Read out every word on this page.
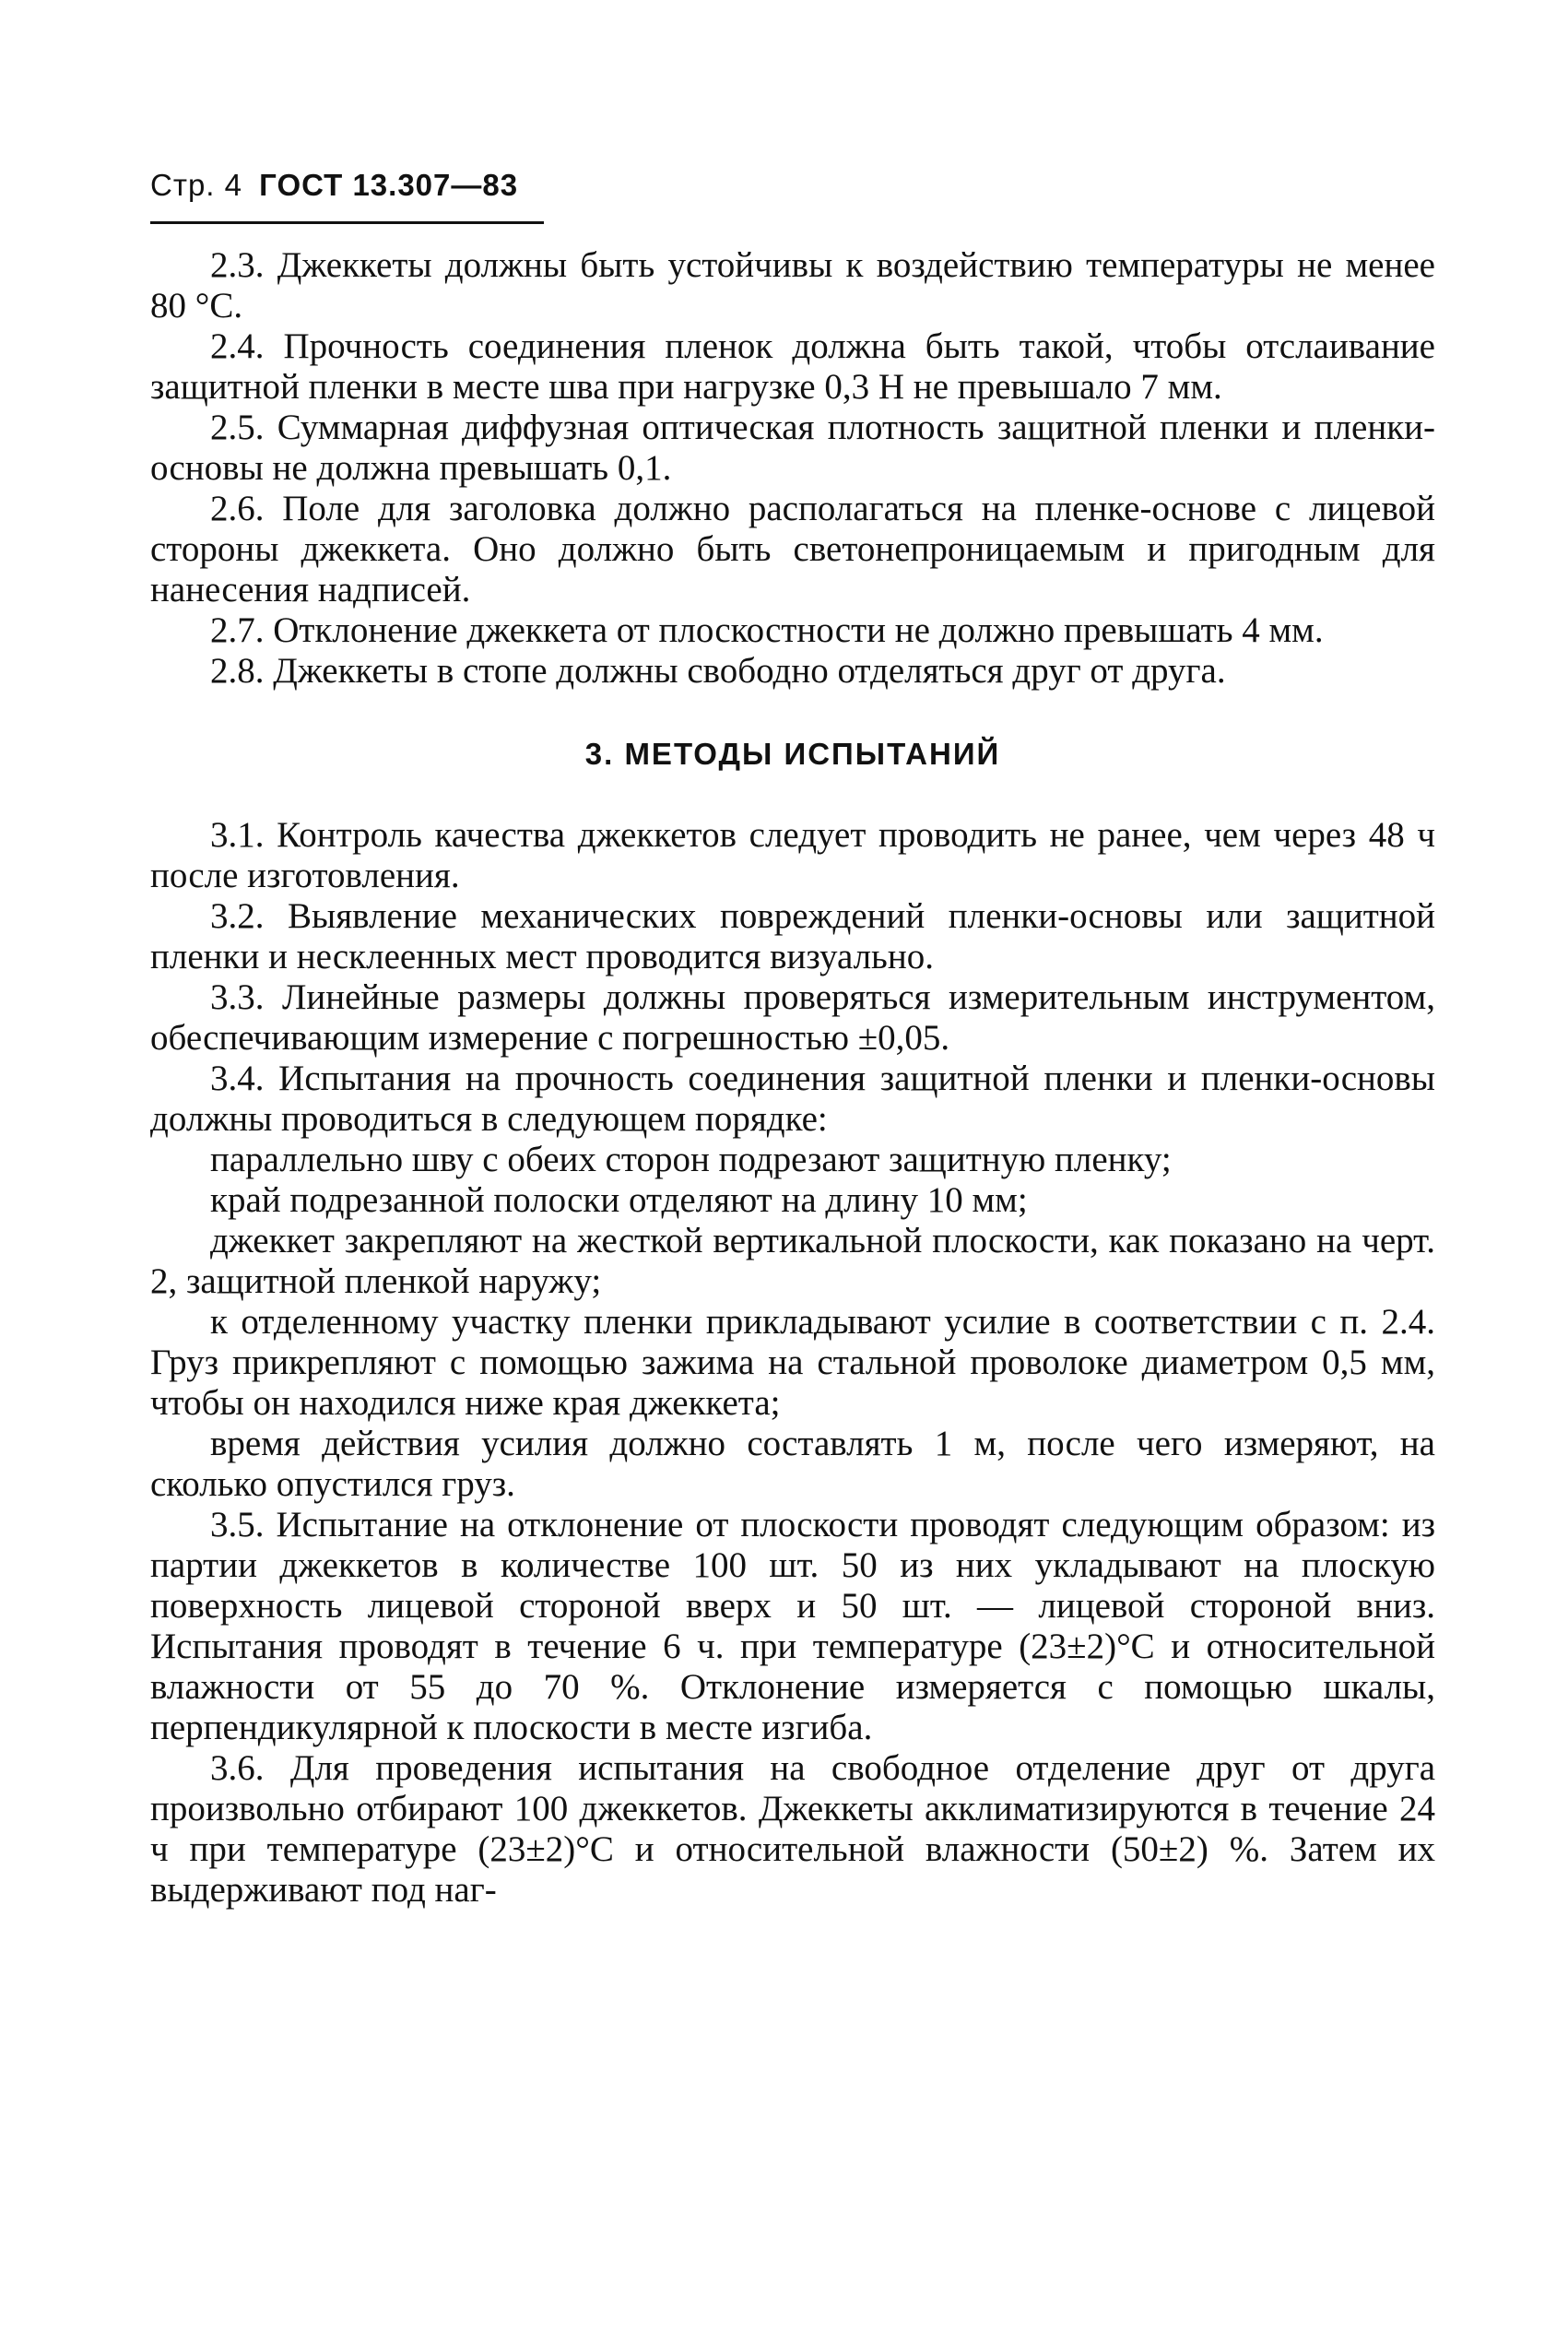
Стр. 4 ГОСТ 13.307—83

2.3. Джеккеты должны быть устойчивы к воздействию температуры не менее 80 °C.

2.4. Прочность соединения пленок должна быть такой, чтобы отслаивание защитной пленки в месте шва при нагрузке 0,3 Н не превышало 7 мм.

2.5. Суммарная диффузная оптическая плотность защитной пленки и пленки-основы не должна превышать 0,1.

2.6. Поле для заголовка должно располагаться на пленке-основе с лицевой стороны джеккета. Оно должно быть светонепроницаемым и пригодным для нанесения надписей.

2.7. Отклонение джеккета от плоскостности не должно превышать 4 мм.

2.8. Джеккеты в стопе должны свободно отделяться друг от друга.

3. МЕТОДЫ ИСПЫТАНИЙ

3.1. Контроль качества джеккетов следует проводить не ранее, чем через 48 ч после изготовления.

3.2. Выявление механических повреждений пленки-основы или защитной пленки и несклеенных мест проводится визуально.

3.3. Линейные размеры должны проверяться измерительным инструментом, обеспечивающим измерение с погрешностью ±0,05.

3.4. Испытания на прочность соединения защитной пленки и пленки-основы должны проводиться в следующем порядке:

параллельно шву с обеих сторон подрезают защитную пленку;

край подрезанной полоски отделяют на длину 10 мм;

джеккет закрепляют на жесткой вертикальной плоскости, как показано на черт. 2, защитной пленкой наружу;

к отделенному участку пленки прикладывают усилие в соответствии с п. 2.4. Груз прикрепляют с помощью зажима на стальной проволоке диаметром 0,5 мм, чтобы он находился ниже края джеккета;

время действия усилия должно составлять 1 м, после чего измеряют, на сколько опустился груз.

3.5. Испытание на отклонение от плоскости проводят следующим образом: из партии джеккетов в количестве 100 шт. 50 из них укладывают на плоскую поверхность лицевой стороной вверх и 50 шт. — лицевой стороной вниз. Испытания проводят в течение 6 ч. при температуре (23±2)°С и относительной влажности от 55 до 70 %. Отклонение измеряется с помощью шкалы, перпендикулярной к плоскости в месте изгиба.

3.6. Для проведения испытания на свободное отделение друг от друга произвольно отбирают 100 джеккетов. Джеккеты акклиматизируются в течение 24 ч при температуре (23±2)°С и относительной влажности (50±2) %. Затем их выдерживают под наг-
